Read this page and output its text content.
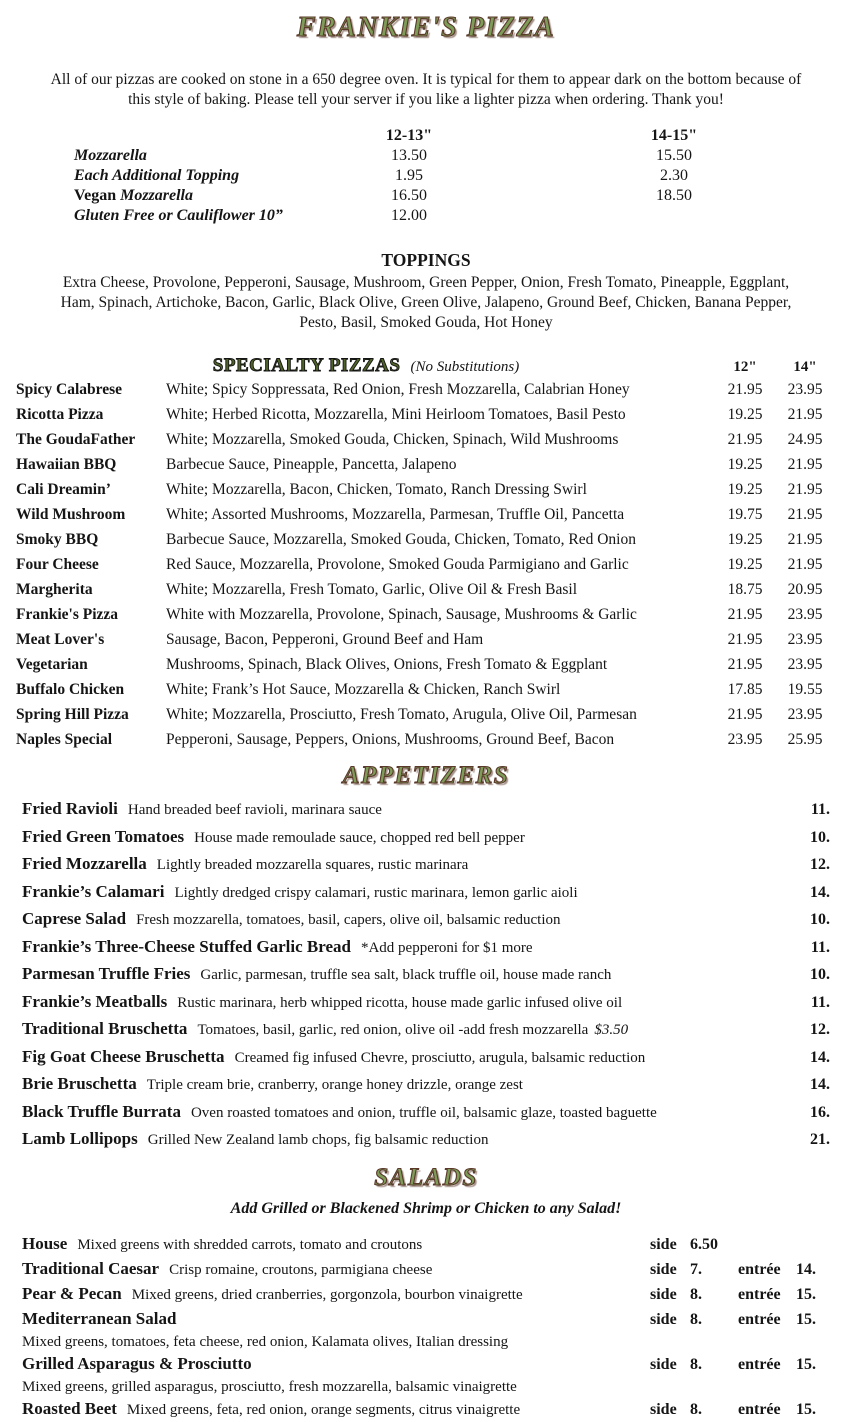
FRANKIE'S PIZZA
All of our pizzas are cooked on stone in a 650 degree oven. It is typical for them to appear dark on the bottom because of this style of baking. Please tell your server if you like a lighter pizza when ordering. Thank you!
12-13"	14-15"
Mozzarella	13.50	15.50
Each Additional Topping	1.95	2.30
Vegan Mozzarella	16.50	18.50
Gluten Free or Cauliflower 10”	12.00
TOPPINGS
Extra Cheese, Provolone, Pepperoni, Sausage, Mushroom, Green Pepper, Onion, Fresh Tomato, Pineapple, Eggplant, Ham, Spinach, Artichoke, Bacon, Garlic, Black Olive, Green Olive, Jalapeno, Ground Beef, Chicken, Banana Pepper, Pesto, Basil, Smoked Gouda, Hot Honey
SPECIALTY PIZZAS (No Substitutions)	12"	14"
Spicy Calabrese	White; Spicy Soppressata, Red Onion, Fresh Mozzarella, Calabrian Honey	21.95	23.95
Ricotta Pizza	White; Herbed Ricotta, Mozzarella, Mini Heirloom Tomatoes, Basil Pesto	19.25	21.95
The GoudaFather	White; Mozzarella, Smoked Gouda, Chicken, Spinach, Wild Mushrooms	21.95	24.95
Hawaiian BBQ	Barbecue Sauce, Pineapple, Pancetta, Jalapeno	19.25	21.95
Cali Dreamin’	White; Mozzarella, Bacon, Chicken, Tomato, Ranch Dressing Swirl	19.25	21.95
Wild Mushroom	White; Assorted Mushrooms, Mozzarella, Parmesan, Truffle Oil, Pancetta	19.75	21.95
Smoky BBQ	Barbecue Sauce, Mozzarella, Smoked Gouda, Chicken, Tomato, Red Onion	19.25	21.95
Four Cheese	Red Sauce, Mozzarella, Provolone, Smoked Gouda Parmigiano and Garlic	19.25	21.95
Margherita	White; Mozzarella, Fresh Tomato, Garlic, Olive Oil & Fresh Basil	18.75	20.95
Frankie's Pizza	White with Mozzarella, Provolone, Spinach, Sausage, Mushrooms & Garlic	21.95	23.95
Meat Lover's	Sausage, Bacon, Pepperoni, Ground Beef and Ham	21.95	23.95
Vegetarian	Mushrooms, Spinach, Black Olives, Onions, Fresh Tomato & Eggplant	21.95	23.95
Buffalo Chicken	White; Frank’s Hot Sauce, Mozzarella & Chicken, Ranch Swirl	17.85	19.55
Spring Hill Pizza	White; Mozzarella, Prosciutto, Fresh Tomato, Arugula, Olive Oil, Parmesan	21.95	23.95
Naples Special	Pepperoni, Sausage, Peppers, Onions, Mushrooms, Ground Beef, Bacon	23.95	25.95
APPETIZERS
Fried Ravioli Hand breaded beef ravioli, marinara sauce	11.
Fried Green Tomatoes House made remoulade sauce, chopped red bell pepper	10.
Fried Mozzarella Lightly breaded mozzarella squares, rustic marinara	12.
Frankie’s Calamari Lightly dredged crispy calamari, rustic marinara, lemon garlic aioli	14.
Caprese Salad Fresh mozzarella, tomatoes, basil, capers, olive oil, balsamic reduction	10.
Frankie’s Three-Cheese Stuffed Garlic Bread *Add pepperoni for $1 more	11.
Parmesan Truffle Fries Garlic, parmesan, truffle sea salt, black truffle oil, house made ranch	10.
Frankie’s Meatballs Rustic marinara, herb whipped ricotta, house made garlic infused olive oil	11.
Traditional Bruschetta Tomatoes, basil, garlic, red onion, olive oil -add fresh mozzarella $3.50	12.
Fig Goat Cheese Bruschetta Creamed fig infused Chevre, prosciutto, arugula, balsamic reduction	14.
Brie Bruschetta Triple cream brie, cranberry, orange honey drizzle, orange zest	14.
Black Truffle Burrata Oven roasted tomatoes and onion, truffle oil, balsamic glaze, toasted baguette	16.
Lamb Lollipops Grilled New Zealand lamb chops, fig balsamic reduction	21.
SALADS
Add Grilled or Blackened Shrimp or Chicken to any Salad!
House Mixed greens with shredded carrots, tomato and croutons	side 6.50
Traditional Caesar Crisp romaine, croutons, parmigiana cheese	side 7.	entrée 14.
Pear & Pecan Mixed greens, dried cranberries, gorgonzola, bourbon vinaigrette	side 8.	entrée 15.
Mediterranean Salad	side 8.	entrée 15.
Mixed greens, tomatoes, feta cheese, red onion, Kalamata olives, Italian dressing
Grilled Asparagus & Prosciutto	side 8.	entrée 15.
Mixed greens, grilled asparagus, prosciutto, fresh mozzarella, balsamic vinaigrette
Roasted Beet Mixed greens, feta, red onion, orange segments, citrus vinaigrette	side 8.	entrée 15.
